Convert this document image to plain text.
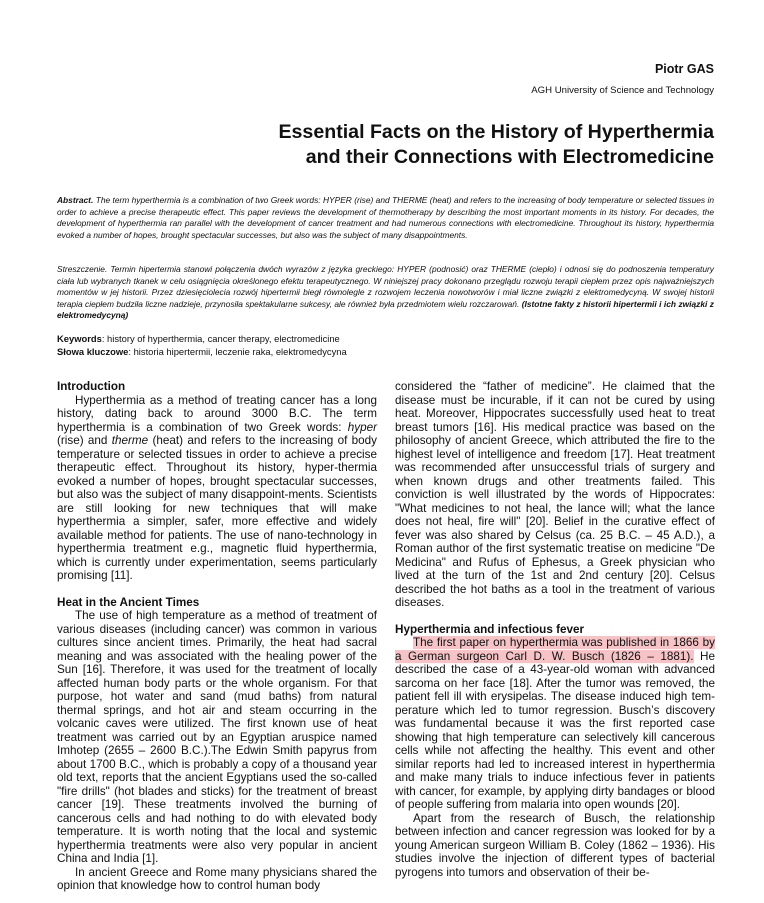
Piotr GAS
AGH University of Science and Technology
Essential Facts on the History of Hyperthermia
and their Connections with Electromedicine
Abstract. The term hyperthermia is a combination of two Greek words: HYPER (rise) and THERME (heat) and refers to the increasing of body temperature or selected tissues in order to achieve a precise therapeutic effect. This paper reviews the development of thermotherapy by describing the most important moments in its history. For decades, the development of hyperthermia ran parallel with the development of cancer treatment and had numerous connections with electromedicine. Throughout its history, hyperthermia evoked a number of hopes, brought spectacular successes, but also was the subject of many disappointments.
Streszczenie. Termin hipertermia stanowi połączenia dwóch wyrazów z języka greckiego: HYPER (podnosić) oraz THERME (ciepło) i odnosi się do podnoszenia temperatury ciała lub wybranych tkanek w celu osiągnięcia określonego efektu terapeutycznego. W niniejszej pracy dokonano przeglądu rozwoju terapii ciepłem przez opis najważniejszych momentów w jej historii. Przez dziesięciolecia rozwój hipertermii biegł równolegle z rozwojem leczenia nowotworów i miał liczne związki z elektromedycyną. W swojej historii terapia ciepłem budziła liczne nadzieje, przynosiła spektakularne sukcesy, ale również była przedmiotem wielu rozczarowań. (Istotne fakty z historii hipertermii i ich związki z elektromedycyną)
Keywords: history of hyperthermia, cancer therapy, electromedicine
Słowa kluczowe: historia hipertermii, leczenie raka, elektromedycyna
Introduction

Hyperthermia as a method of treating cancer has a long history, dating back to around 3000 B.C. The term hyperthermia is a combination of two Greek words: hyper (rise) and therme (heat) and refers to the increasing of body temperature or selected tissues in order to achieve a precise therapeutic effect. Throughout its history, hyper-thermia evoked a number of hopes, brought spectacular successes, but also was the subject of many disappoint-ments. Scientists are still looking for new techniques that will make hyperthermia a simpler, safer, more effective and widely available method for patients. The use of nano-technology in hyperthermia treatment e.g., magnetic fluid hyperthermia, which is currently under experimentation, seems particularly promising [11].

Heat in the Ancient Times

The use of high temperature as a method of treatment of various diseases (including cancer) was common in various cultures since ancient times. Primarily, the heat had sacral meaning and was associated with the healing power of the Sun [16]. Therefore, it was used for the treatment of locally affected human body parts or the whole organism. For that purpose, hot water and sand (mud baths) from natural thermal springs, and hot air and steam occurring in the volcanic caves were utilized. The first known use of heat treatment was carried out by an Egyptian aruspice named Imhotep (2655 – 2600 B.C.).The Edwin Smith papyrus from about 1700 B.C., which is probably a copy of a thousand year old text, reports that the ancient Egyptians used the so-called "fire drills" (hot blades and sticks) for the treatment of breast cancer [19]. These treatments involved the burning of cancerous cells and had nothing to do with elevated body temperature. It is worth noting that the local and systemic hyperthermia treatments were also very popular in ancient China and India [1].

In ancient Greece and Rome many physicians shared the opinion that knowledge how to control human body

considered the “father of medicine”. He claimed that the disease must be incurable, if it can not be cured by using heat. Moreover, Hippocrates successfully used heat to treat breast tumors [16]. His medical practice was based on the philosophy of ancient Greece, which attributed the fire to the highest level of intelligence and freedom [17]. Heat treatment was recommended after unsuccessful trials of surgery and when known drugs and other treatments failed. This conviction is well illustrated by the words of Hippocrates: "What medicines to not heal, the lance will; what the lance does not heal, fire will" [20]. Belief in the curative effect of fever was also shared by Celsus (ca. 25 B.C. – 45 A.D.), a Roman author of the first systematic treatise on medicine "De Medicina" and Rufus of Ephesus, a Greek physician who lived at the turn of the 1st and 2nd century [20]. Celsus described the hot baths as a tool in the treatment of various diseases.

Hyperthermia and infectious fever

The first paper on hyperthermia was published in 1866 by a German surgeon Carl D. W. Busch (1826 – 1881). He described the case of a 43-year-old woman with advanced sarcoma on her face [18]. After the tumor was removed, the patient fell ill with erysipelas. The disease induced high tem-perature which led to tumor regression. Busch’s discovery was fundamental because it was the first reported case showing that high temperature can selectively kill cancerous cells while not affecting the healthy. This event and other similar reports had led to increased interest in hyperthermia and make many trials to induce infectious fever in patients with cancer, for example, by applying dirty bandages or blood of people suffering from malaria into open wounds [20].

Apart from the research of Busch, the relationship between infection and cancer regression was looked for by a young American surgeon William B. Coley (1862 – 1936). His studies involve the injection of different types of bacterial pyrogens into tumors and observation of their be-
